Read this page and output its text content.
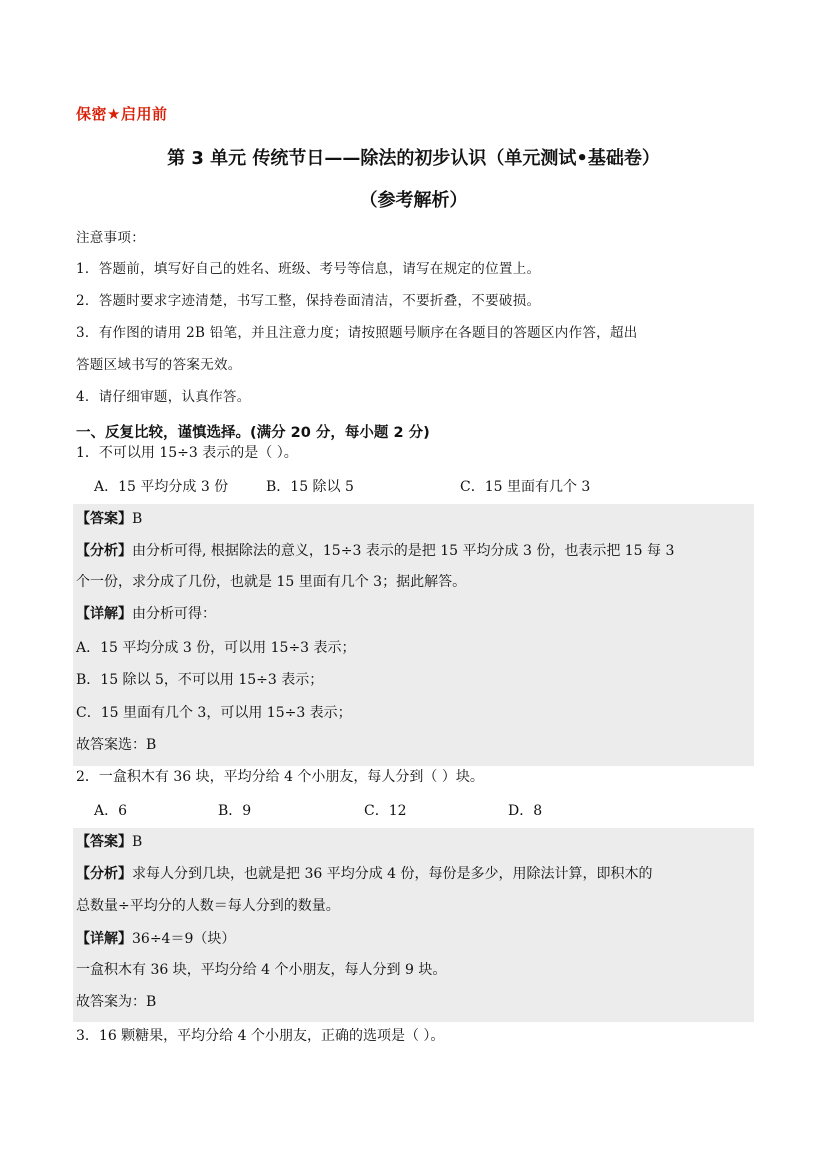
保密★启用前
第 3 单元 传统节日——除法的初步认识（单元测试•基础卷）
（参考解析）
注意事项：
1．答题前，填写好自己的姓名、班级、考号等信息，请写在规定的位置上。
2．答题时要求字迹清楚，书写工整，保持卷面清洁，不要折叠，不要破损。
3．有作图的请用 2B 铅笔，并且注意力度；请按照题号顺序在各题目的答题区内作答，超出
答题区域书写的答案无效。
4．请仔细审题，认真作答。
一、反复比较，谨慎选择。(满分 20 分，每小题 2 分)
1．不可以用 15÷3 表示的是（ ）。
A．15 平均分成 3 份	B．15 除以 5	C．15 里面有几个 3
【答案】B
【分析】由分析可得, 根据除法的意义，15÷3 表示的是把 15 平均分成 3 份，也表示把 15 每 3
个一份，求分成了几份，也就是 15 里面有几个 3；据此解答。
【详解】由分析可得：
A．15 平均分成 3 份，可以用 15÷3 表示；
B．15 除以 5，不可以用 15÷3 表示；
C．15 里面有几个 3，可以用 15÷3 表示；
故答案选：B
2．一盒积木有 36 块，平均分给 4 个小朋友，每人分到（ ）块。
A．6	B．9	C．12	D．8
【答案】B
【分析】求每人分到几块，也就是把 36 平均分成 4 份，每份是多少，用除法计算，即积木的
总数量÷平均分的人数＝每人分到的数量。
【详解】36÷4＝9（块）
一盒积木有 36 块，平均分给 4 个小朋友，每人分到 9 块。
故答案为：B
3．16 颗糖果，平均分给 4 个小朋友，正确的选项是（ ）。
